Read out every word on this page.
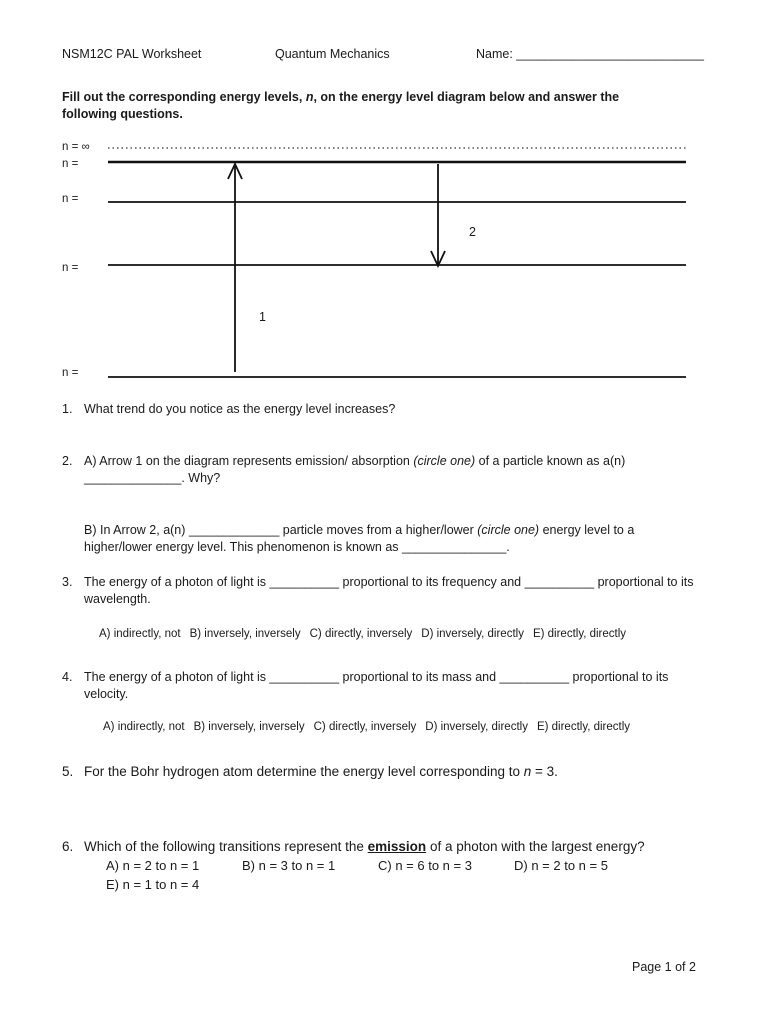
NSM12C PAL Worksheet	Quantum Mechanics	Name: ___________________________
Fill out the corresponding energy levels, n, on the energy level diagram below and answer the following questions.
n = ∞
n =
n =
n =
n =
1
2
1. What trend do you notice as the energy level increases?
2. A) Arrow 1 on the diagram represents emission/ absorption (circle one) of a particle known as a(n) ______________. Why?
B) In Arrow 2, a(n) _____________ particle moves from a higher/lower (circle one) energy level to a higher/lower energy level. This phenomenon is known as _______________.
3. The energy of a photon of light is __________ proportional to its frequency and __________ proportional to its wavelength.
A) indirectly, not B) inversely, inversely C) directly, inversely D) inversely, directly E) directly, directly
4. The energy of a photon of light is __________ proportional to its mass and __________ proportional to its velocity.
A) indirectly, not B) inversely, inversely C) directly, inversely D) inversely, directly E) directly, directly
5. For the Bohr hydrogen atom determine the energy level corresponding to n = 3.
6. Which of the following transitions represent the emission of a photon with the largest energy?
A) n = 2 to n = 1	B) n = 3 to n = 1	C) n = 6 to n = 3	D) n = 2 to n = 5
E) n = 1 to n = 4
Page 1 of 2
